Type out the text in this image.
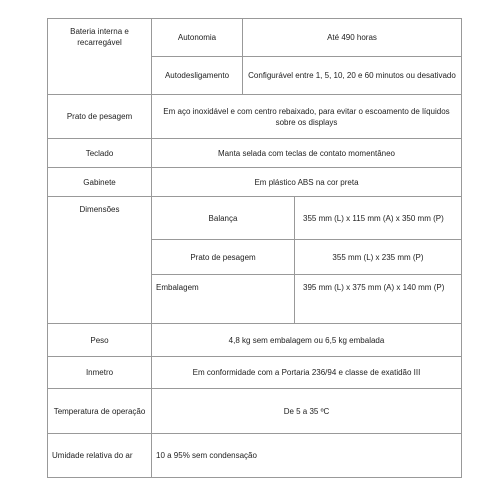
Bateria interna e recarregável	Autonomia	Até 490 horas	
	Autodesligamento	Configurável entre 1, 5, 10, 20 e 60 minutos ou desativado	
Prato de pesagem	Em aço inoxidável e com centro rebaixado, para evitar o escoamento de líquidos sobre os displays		
Teclado	Manta selada com teclas de contato momentâneo		
Gabinete	Em plástico ABS na cor preta		
Dimensões	Balança		355 mm (L) x 115 mm (A) x 350 mm (P)
	Prato de pesagem		355 mm (L) x 235 mm (P)
	Embalagem		395 mm (L) x 375 mm (A) x 140 mm (P)
Peso	4,8 kg sem embalagem ou 6,5 kg embalada		
Inmetro	Em conformidade com a Portaria 236/94 e classe de exatidão III		
Temperatura de operação	De 5 a 35 ºC		
Umidade relativa do ar	10 a 95% sem condensação		
